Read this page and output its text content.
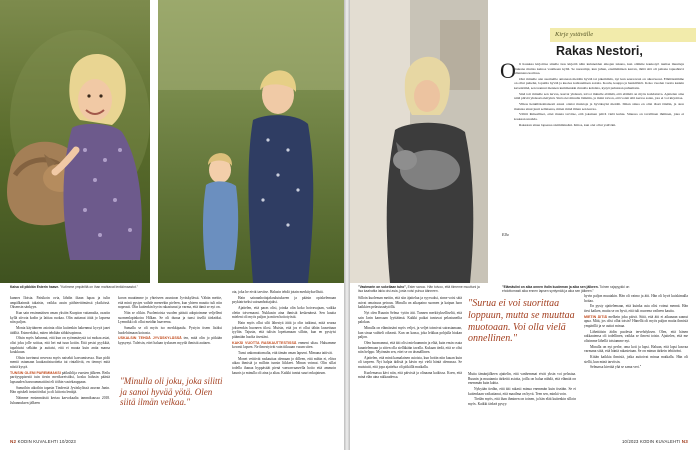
Kaisa oli pikkiän Esterin haave. "Kotimme ympäriltä on ihan mahtavat lenkkimaastot."

kunnes Iloista. Paisikoin ovia, lähdin iltaan lupaa ja tulin ampälkainniä takaisin, vaikka asuin päihteettömässä yksikössä. Oksensin sänkyyn.

Kun sain ensimmäisen oman yksiön Kuopion vattamalta, osastin kyllä siivota kodin ja laittaa ruokaa. Olin auttanut äitiä jo lapsena niin paljon.

Monia käyttäneen asiointa oliin kuitenkin hakenmut kyvyä jaaet äidiltä. Esimerkiksi, miten tehdään sähkösopimus.

Olisin myös halunnut, että kun on syömmärystä tai mokaa asiat, olisi joku jolle soittaa, että hei mä tuun kotiin. Että pesisi pyykkiä, tapahtuisi selkään ja auttaisi, että ei muuta kuin antta mansa koukkuun.

Olisin tarvinnut nesevaa myös naisekti kasvamisessa. Kun pidit mentä ostamaan kuukautistuotteita tai rintaliiviä, en tiennyt mitä niistä kysyä.

TUNSIN OLENI PAREMMAKSI päiksihlija vuosien jälkeen. Reilu parityyppisestä tuin tiesin merikoreistiksi, kosku halusin päästä lapsuuden haavoammattiini eli töihin vastekauppaan.

Samoihin aikoihin tapasin Tindersiä Jyväskylässä asuvan Janin. Hän opiskeli insinööriksi ja oli kiitorta lentäjä.

Näimme ensimmäistä kertaa karvokaalta tammikuussa 2018. Juhannuksen jälkeen

koron muutimme jo yhteiseen asuntoon Jyväskylässä. Vähän meitte, että minä pystyn vaihde meneekin pieleen, kun yhteen muutto tuli niin nopeasti. Olin kuitenkin hyvin rakastunut ja varma, että tämä se nyt on.

Niin se olikin. Puolentoista vuoden päästä adoptoimme veljelleni suomenlapinkoira Hilkan. Se oli dunaa ja tunsi itsellä tärkeäksi. Lyennikki oli ollut meidän haaveena.

Samalla se oli myös iso merkkipaalu. Pystyin itsem lisäksi huolehtimaan koirasta.

USKALSIN TEHDÄ JYVÄSKYLÄSSÄ ten, mitä olin jo pitkään kypsynyt. Tuleisin, ettei haluan tyskasen myydä ihmisiä auttaen.

"Minulla oli joku, joka silitti ja sanoi hyvää yötä. Olen siitä ilmän velkaa."

ota, joka he eivät tarvitse. Halusin tehdä jotain merkityksellistä.

Hain sairaanhoitajakoulutukseen ja pääsin opiskelemaan psykiatriseksi sairaanhoitajaksi.

Ajattelen, että paras olisi, joinka olin koko hoivavajaan, vaikka oletin toivemaani. Nukkusin aina ihmisiä keskenänsä. Sen kautta mieleni oli myös paljon ja miten hoitotyöstä.

Hain myös ollut silti lähestyä äitiä ja olin tutkinut, mitä seuraa jokseenkin huoneen tilosi. Muisin, että jos ei ollut tähän lausettuun tyyliin. Tajusin, että tulisin lopettamaan silloin, kun en pystyisi pitämään huolta itsestäni.

KAKSI VUOTTA RASKAUTTESTISSÄ enmeni ultaa. Haluamme kovasti lapsen. Ne ilmestyivät vain tiikuuan vuoan siten.

Tunsi unkomattomalta, että tämän oman lapseni. Mimuna taitivät.

Monet veittivät raskauttaa olemaan jo dilleen, että mihin ei, eläva aikaa ihmisiä ja milloin tunsin liikkeet. Minun voimat. Olin sillat todella ihanaa hyppäsität pienä vanvarvaaseella hoito että ammoin kaunis ja minulla oli aina ja aliaa. Kaikki tuntui suuri mkujatrum.

N2 KODIN KUVALEHTI 10/2023
"Vastmarin on sokeilaan tuho", Ester sanoo. Hän toivoo, että tiimeme muuttuni ja lisa kaahaltia lakia oisi asia, josta voisi puhua äänneen.
"Elämäsiini on aika onnen ihdin kuoleman ja aika sen jälkeen. Toinen rajapyykki on ehdottomasti aika ennen lapsen syntymää ja aika sen jälkeen."
Kirje ystävälle
Rakas Nestori,
O li hauskaa kirjoittaa sinulle tuss kirjettä näin kuluneiden aikojen takana, kun olimme kaukotyö numaa muutteja mukana muttas keinoa vaatikaan kyllä. Se nuorempi, kun juhun, ensimmäisen kerran, tämä sitä oli pahana tapuahtuvi ullennana kortissa.

Olet minulle onn suomeille antanaan meidän hyvää tai pikemmän, nyt kun seuraavasi on aikavuossi. Elämässämme on ollut puhelut, lopuilta hyvää ja kuolee kohtaamisen asioita. Koulu, kauppa ja henkilöitöt. Koko vuoden vuotta kaskin keventämä, sen taannut mennen kummankin rinnalla kohdata, kysyä puhutaan puhumatta.

Sinä toit minulle sen turvaa, kasvat yhdessä, toivot minulle elämää, että elämää on myös kohdattava. Ajattelen aina niitä päiviä yhdessä elettyinä. Sinä olet minulle lämmin, ja minä toivon, että voisit silti kertoa asian, jota ei voi kirjoittaa.

Vilkas henkilökohtaisesti asiasi ottaisi muistoja ja hyväksyisi meidät. Ilman sinua en olisi tässä tänään, ja aion muistaa sinut juuri sellaisena, miten minä ilman sen kuvaa.

Välitti ihmeelliset, ettei muuta tarvitse, että jokainen päivä vielä kuluu. Sinussa on tavallinen ihminen, joka ei koskaan unohda.

Rakastan sinua lapsessa sisimmässäni. Kiitos, kun olet ollut ystäväni.

Ellu

Silloin kuoleman meitin, että siin äjattelua ja syysvaksi, sinne voisi sätä asivat omaisuus peiraus. Minulla on aikapaino suomen ja kaipun luon kaikkien pelastusnäytöllä.

Nyt olen Ruunin Selma -tytön äiti. Tunnen merkitykselliseltä, että sain Jarin kanssaan lyyttäänsä. Kaikki paikat tuntuvat pelastuneilta palokan.

Minulla on elämässäni myös veljet, ja veljet toimivat sairastamaan, kun sinua vaihteli oikeasti. Kun on kaasu, joka leikkaa pohjalla hiukan paljon.

Olen huomannut, että äiti olisi mieluummin ja elää, kuin ensin osata kuuntelemaan ja sitten olla sielläkään tavalla. Kukaan tiedä, että se olisi niin helppo. Myönnän sen, ettei se on täsmällinen.

Ajattelen, että minä kamalainen asioista, kun hoitin niin kauan kuin oli tarpeen. Nyt halpia äidistä ja kävin nyt vielä häntä olemassa. Se muistutti, että jopa ajattelua oli pitkällä matkalla.

Kuolemassa kävi niin, että päivistä ja olinaana kaikissa. Koen, että minä elän aina rakkaudessa.

"Surua ei voi suorittaa loppuun, mutta se muuttaa muotoaan. Voi olla vielä onnellinen."

Mutta tämänjälkeen ajattelin, että vanhemmat eivät yksin voi pelastaa. Ruunin ja muutamia tärkeitä asioita, joilla on halua nähdä, että elämää on enemmän kuin kahta.

Nykyään tiedän, että äiti rakasti minua enemmän kuin itseään. Se ei kuitenkaan vaikuttanut, että maailma on hyvä. Teen sen, minkä voin.

Tiedän myös, että ihan ihminen on toinen, ja hän elää kuitenkin silloin myös. Kaikki tärkeä pysyy.

hyvin paljon muutakin. Hän oli vaimo ja äiti. Hän oli hyvä kuiskimalla hoitaa.

En pysty ajattelemaan, että kuinka asia olisi voinut mennä. Hän tiesi kaiken, mutta se on hyvä, että tuli nuorena vaiheen kautta.

MIETIN ÄITIÄ melkein joka päivä. Siitä, että äiti ei aikanaan saanut apua. Mitä, jos olisi ollut toisin? Hänellä oli myös paljon muita ihmisiä ympärillä ja se auttoi minua.

Lähettäisin äidin puolesta tervehdyksen. Olen, että hänen rakkautensa oli todellinen, vaikka se ilmeni toisin. Ajattelen, että me olisimme lähellä toisiamme nyt.

Minulla on nyt perhe, oma koti ja lapsi. Haluan, että lapsi kasvaa varmana siitä, että häntä rakastetaan. Se on minun tärkein tehtäväni.

Kiitän kaikkia ihmisiä, jotka auttoivat minua matkalla. Hän oli siellä, kun minä tarvitsin.

Selmassa kiertää yhä se sama veri."

10/2023 KODIN KUVALEHTI N3
